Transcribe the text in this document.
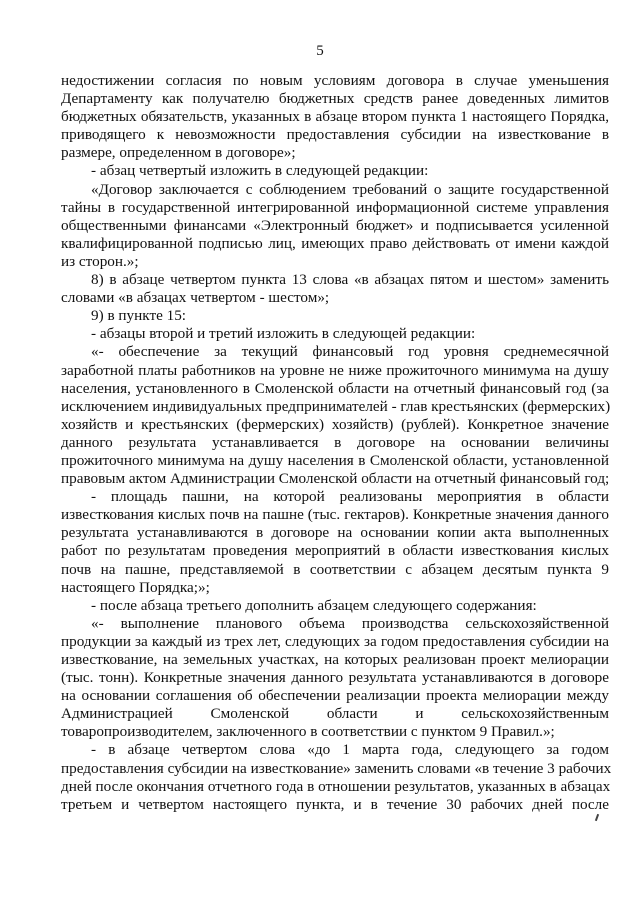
5
недостижении согласия по новым условиям договора в случае уменьшения
Департаменту как получателю бюджетных средств ранее доведенных лимитов
бюджетных обязательств, указанных в абзаце втором пункта 1 настоящего Порядка,
приводящего к невозможности предоставления субсидии на известкование в
размере, определенном в договоре»;
- абзац четвертый изложить в следующей редакции:
«Договор заключается с соблюдением требований о защите государственной
тайны в государственной интегрированной информационной системе управления
общественными финансами «Электронный бюджет» и подписывается усиленной
квалифицированной подписью лиц, имеющих право действовать от имени каждой
из сторон.»;
8) в абзаце четвертом пункта 13 слова «в абзацах пятом и шестом» заменить
словами «в абзацах четвертом - шестом»;
9) в пункте 15:
- абзацы второй и третий изложить в следующей редакции:
«- обеспечение за текущий финансовый год уровня среднемесячной
заработной платы работников на уровне не ниже прожиточного минимума на душу
населения, установленного в Смоленской области на отчетный финансовый год (за
исключением индивидуальных предпринимателей - глав крестьянских (фермерских)
хозяйств и крестьянских (фермерских) хозяйств) (рублей). Конкретное значение
данного результата устанавливается в договоре на основании величины
прожиточного минимума на душу населения в Смоленской области, установленной
правовым актом Администрации Смоленской области на отчетный финансовый год;
- площадь пашни, на которой реализованы мероприятия в области
известкования кислых почв на пашне (тыс. гектаров). Конкретные значения данного
результата устанавливаются в договоре на основании копии акта выполненных
работ по результатам проведения мероприятий в области известкования кислых
почв на пашне, представляемой в соответствии с абзацем десятым пункта 9
настоящего Порядка;»;
- после абзаца третьего дополнить абзацем следующего содержания:
«- выполнение планового объема производства сельскохозяйственной
продукции за каждый из трех лет, следующих за годом предоставления субсидии на
известкование, на земельных участках, на которых реализован проект мелиорации
(тыс. тонн). Конкретные значения данного результата устанавливаются в договоре
на основании соглашения об обеспечении реализации проекта мелиорации между
Администрацией Смоленской области и сельскохозяйственным
товаропроизводителем, заключенного в соответствии с пунктом 9 Правил.»;
- в абзаце четвертом слова «до 1 марта года, следующего за годом
предоставления субсидии на известкование» заменить словами «в течение 3 рабочих
дней после окончания отчетного года в отношении результатов, указанных в абзацах
третьем и четвертом настоящего пункта, и в течение 30 рабочих дней после
